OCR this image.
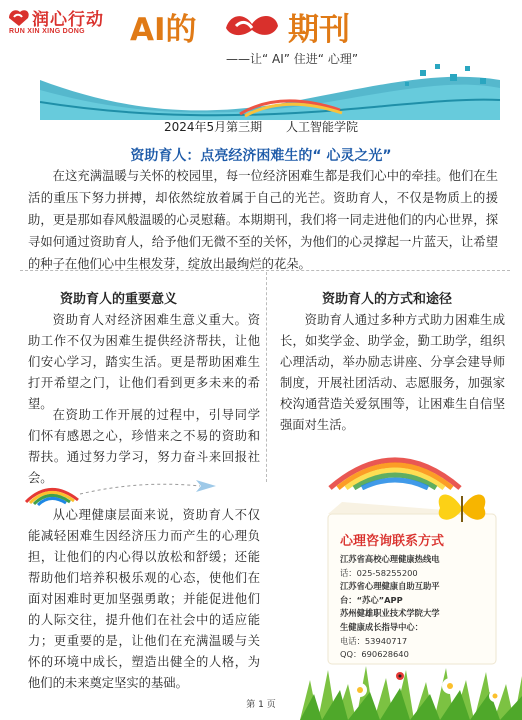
润心行动
RUN XIN XING DONG AI的	期刊
——让“ AI” 住进“ 心理”
2024年5月第三期 人工智能学院
资助育人：点亮经济困难生的“ 心灵之光”

在这充满温暖与关怀的校园里，每一位经济困难生都是我们心中的牵挂。他们在生活的重压下努力拼搏，却依然绽放着属于自己的光芒。资助育人，不仅是物质上的援助，更是那如春风般温暖的心灵慰藉。本期期刊，我们将一同走进他们的内心世界，探寻如何通过资助育人，给予他们无微不至的关怀，为他们的心灵撑起一片蓝天，让希望的种子在他们心中生根发芽，绽放出最绚烂的花朵。

资助育人的重要意义	资助育人的方式和途径

资助育人对经济困难生意义重大。资助工作不仅为困难生提供经济帮扶，让他们安心学习，踏实生活。更是帮助困难生打开希望之门，让他们看到更多未来的希望。

在资助工作开展的过程中，引导同学们怀有感恩之心，珍惜来之不易的资助和帮扶。通过努力学习，努力奋斗来回报社会。

资助育人通过多种方式助力困难生成长，如奖学金、助学金，勤工助学，组织心理活动，举办励志讲座、分享会建导师制度，开展社团活动、志愿服务，加强家校沟通营造关爱氛围等，让困难生自信坚强面对生活。

从心理健康层面来说，资助育人不仅能减轻困难生因经济压力而产生的心理负担，让他们的内心得以放松和舒缓；还能帮助他们培养积极乐观的心态，使他们在面对困难时更加坚强勇敢；并能促进他们的人际交往，提升他们在社会中的适应能力；更重要的是，让他们在充满温暖与关怀的环境中成长，塑造出健全的人格，为他们的未来奠定坚实的基础。

心理咨询联系方式
江苏省高校心理健康热线电
话：025-58255200
江苏省心理健康自助互助平
台：“苏心”APP
苏州健雄职业技术学院大学
生健康成长指导中心：
电话：53940717
QQ：690628640
第 1 页
